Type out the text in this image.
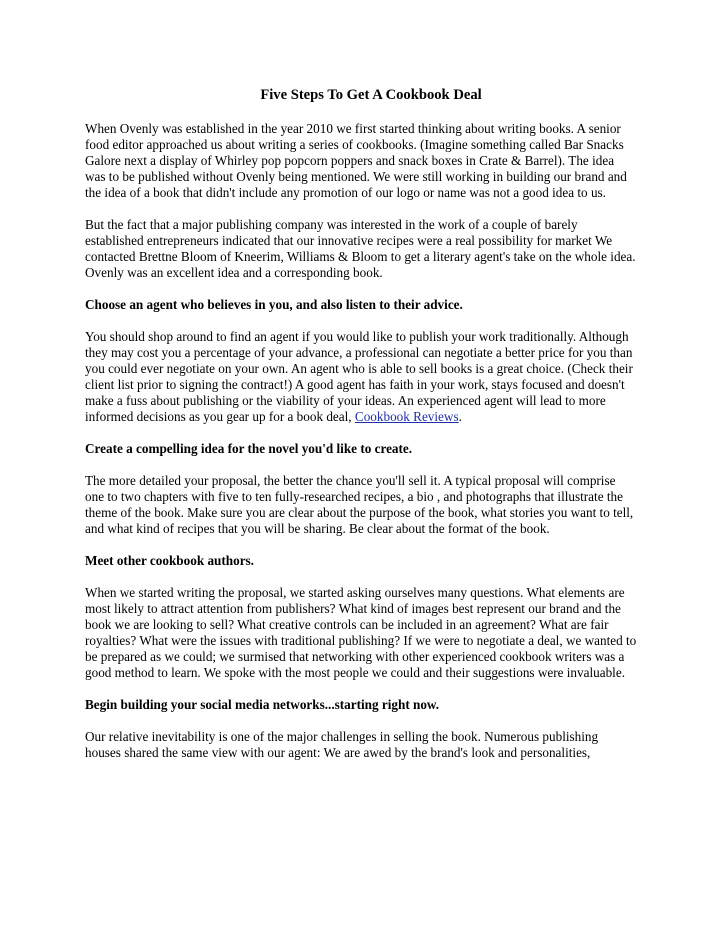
Five Steps To Get A Cookbook Deal

When Ovenly was established in the year 2010 we first started thinking about writing books. A senior food editor approached us about writing a series of cookbooks. (Imagine something called Bar Snacks Galore next a display of Whirley pop popcorn poppers and snack boxes in Crate & Barrel). The idea was to be published without Ovenly being mentioned. We were still working in building our brand and the idea of a book that didn't include any promotion of our logo or name was not a good idea to us.

But the fact that a major publishing company was interested in the work of a couple of barely established entrepreneurs indicated that our innovative recipes were a real possibility for market We contacted Brettne Bloom of Kneerim, Williams & Bloom to get a literary agent's take on the whole idea. Ovenly was an excellent idea and a corresponding book.

Choose an agent who believes in you, and also listen to their advice.

You should shop around to find an agent if you would like to publish your work traditionally. Although they may cost you a percentage of your advance, a professional can negotiate a better price for you than you could ever negotiate on your own. An agent who is able to sell books is a great choice. (Check their client list prior to signing the contract!) A good agent has faith in your work, stays focused and doesn't make a fuss about publishing or the viability of your ideas. An experienced agent will lead to more informed decisions as you gear up for a book deal, Cookbook Reviews.

Create a compelling idea for the novel you'd like to create.

The more detailed your proposal, the better the chance you'll sell it. A typical proposal will comprise one to two chapters with five to ten fully-researched recipes, a bio , and photographs that illustrate the theme of the book. Make sure you are clear about the purpose of the book, what stories you want to tell, and what kind of recipes that you will be sharing. Be clear about the format of the book.

Meet other cookbook authors.

When we started writing the proposal, we started asking ourselves many questions. What elements are most likely to attract attention from publishers? What kind of images best represent our brand and the book we are looking to sell? What creative controls can be included in an agreement? What are fair royalties? What were the issues with traditional publishing? If we were to negotiate a deal, we wanted to be prepared as we could; we surmised that networking with other experienced cookbook writers was a good method to learn. We spoke with the most people we could and their suggestions were invaluable.

Begin building your social media networks...starting right now.

Our relative inevitability is one of the major challenges in selling the book. Numerous publishing houses shared the same view with our agent: We are awed by the brand's look and personalities,
